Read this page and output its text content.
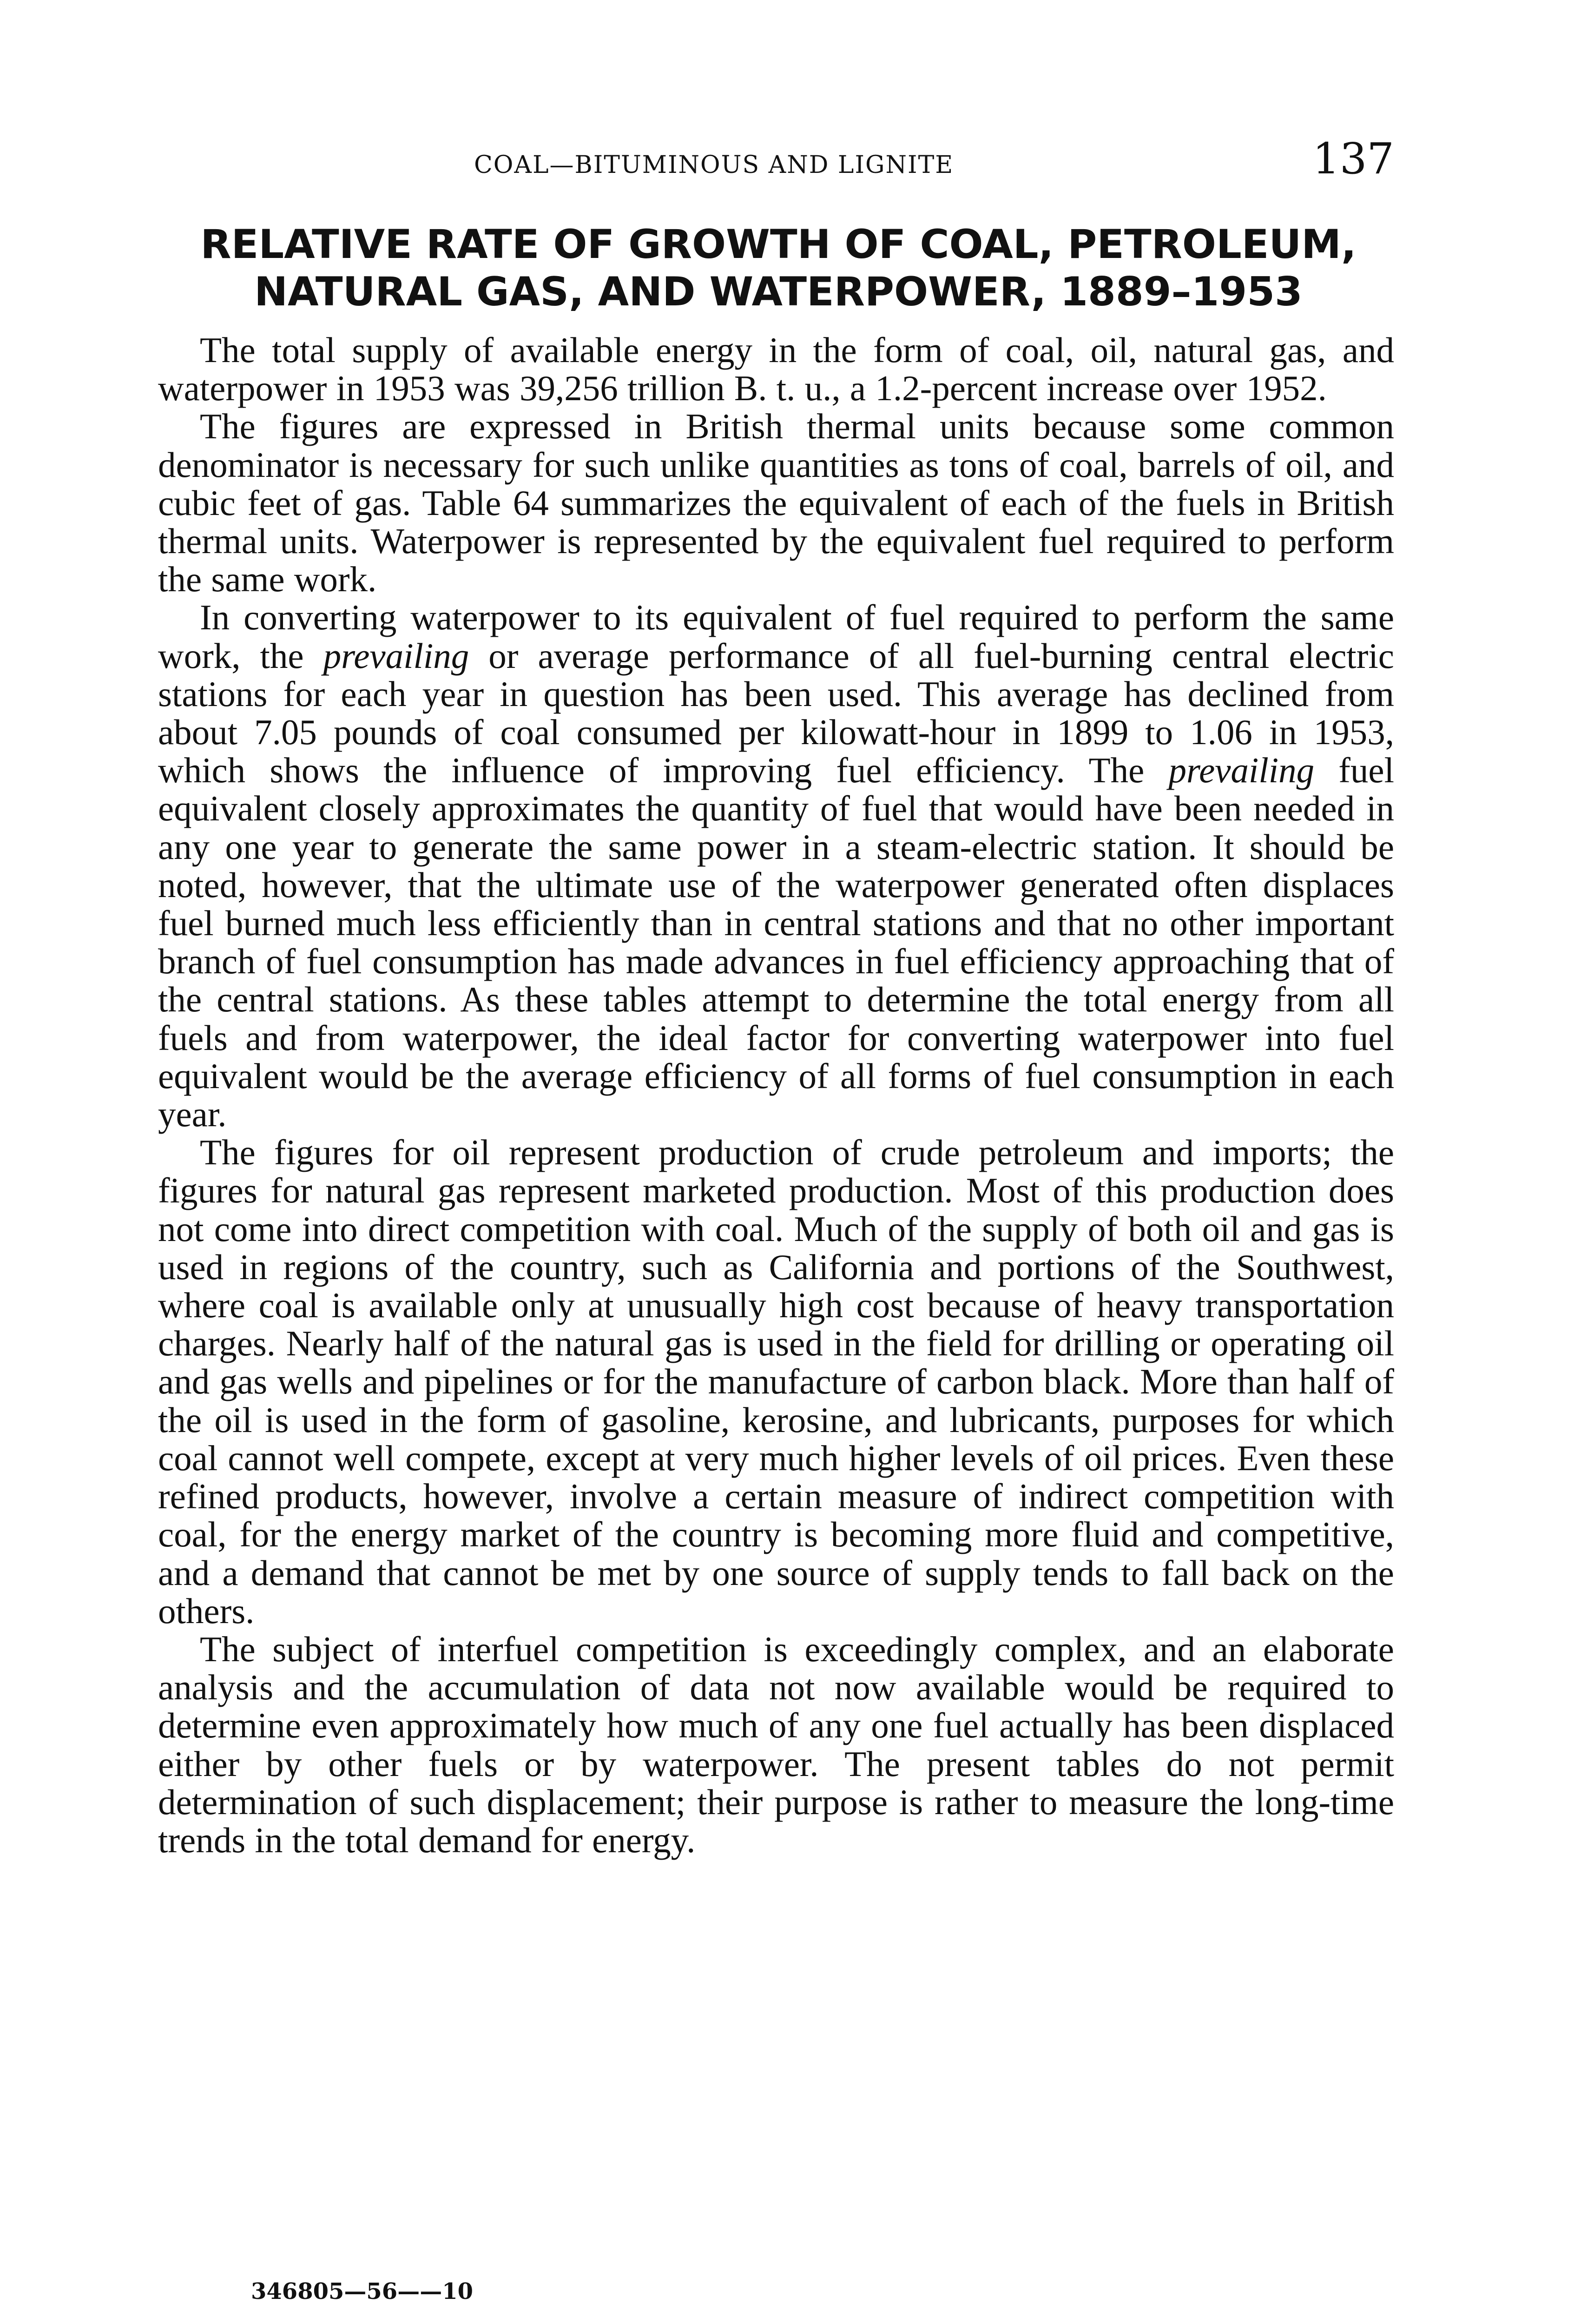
COAL—BITUMINOUS AND LIGNITE	137
RELATIVE RATE OF GROWTH OF COAL, PETROLEUM,
NATURAL GAS, AND WATERPOWER, 1889–1953

The total supply of available energy in the form of coal, oil, natural gas, and waterpower in 1953 was 39,256 trillion B. t. u., a 1.2-percent increase over 1952.

The figures are expressed in British thermal units because some common denominator is necessary for such unlike quantities as tons of coal, barrels of oil, and cubic feet of gas. Table 64 summarizes the equivalent of each of the fuels in British thermal units. Waterpower is represented by the equivalent fuel required to perform the same work.

In converting waterpower to its equivalent of fuel required to perform the same work, the prevailing or average performance of all fuel-burning central electric stations for each year in question has been used. This average has declined from about 7.05 pounds of coal consumed per kilowatt-hour in 1899 to 1.06 in 1953, which shows the influence of improving fuel efficiency. The prevailing fuel equivalent closely approximates the quantity of fuel that would have been needed in any one year to generate the same power in a steam-electric station. It should be noted, however, that the ultimate use of the waterpower generated often displaces fuel burned much less efficiently than in central stations and that no other important branch of fuel consumption has made advances in fuel efficiency approaching that of the central stations. As these tables attempt to determine the total energy from all fuels and from waterpower, the ideal factor for converting waterpower into fuel equivalent would be the average efficiency of all forms of fuel consumption in each year.

The figures for oil represent production of crude petroleum and imports; the figures for natural gas represent marketed production. Most of this production does not come into direct competition with coal. Much of the supply of both oil and gas is used in regions of the country, such as California and portions of the Southwest, where coal is available only at unusually high cost because of heavy transportation charges. Nearly half of the natural gas is used in the field for drilling or operating oil and gas wells and pipelines or for the manufacture of carbon black. More than half of the oil is used in the form of gasoline, kerosine, and lubricants, purposes for which coal cannot well compete, except at very much higher levels of oil prices. Even these refined products, however, involve a certain measure of indirect competition with coal, for the energy market of the country is becoming more fluid and competitive, and a demand that cannot be met by one source of supply tends to fall back on the others.

The subject of interfuel competition is exceedingly complex, and an elaborate analysis and the accumulation of data not now available would be required to determine even approximately how much of any one fuel actually has been displaced either by other fuels or by waterpower. The present tables do not permit determination of such displacement; their purpose is rather to measure the long-time trends in the total demand for energy.

346805—56——10
